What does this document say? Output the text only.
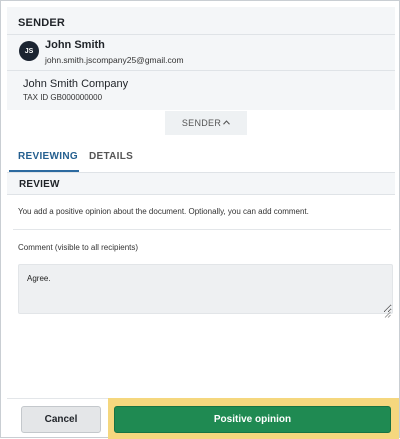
SENDER
JS	John Smith
john.smith.jscompany25@gmail.com
John Smith Company
TAX ID GB000000000
SENDER
REVIEWING DETAILS
REVIEW
You add a positive opinion about the document. Optionally, you can add comment.
Comment (visible to all recipients)
Agree.
Cancel	Positive opinion
